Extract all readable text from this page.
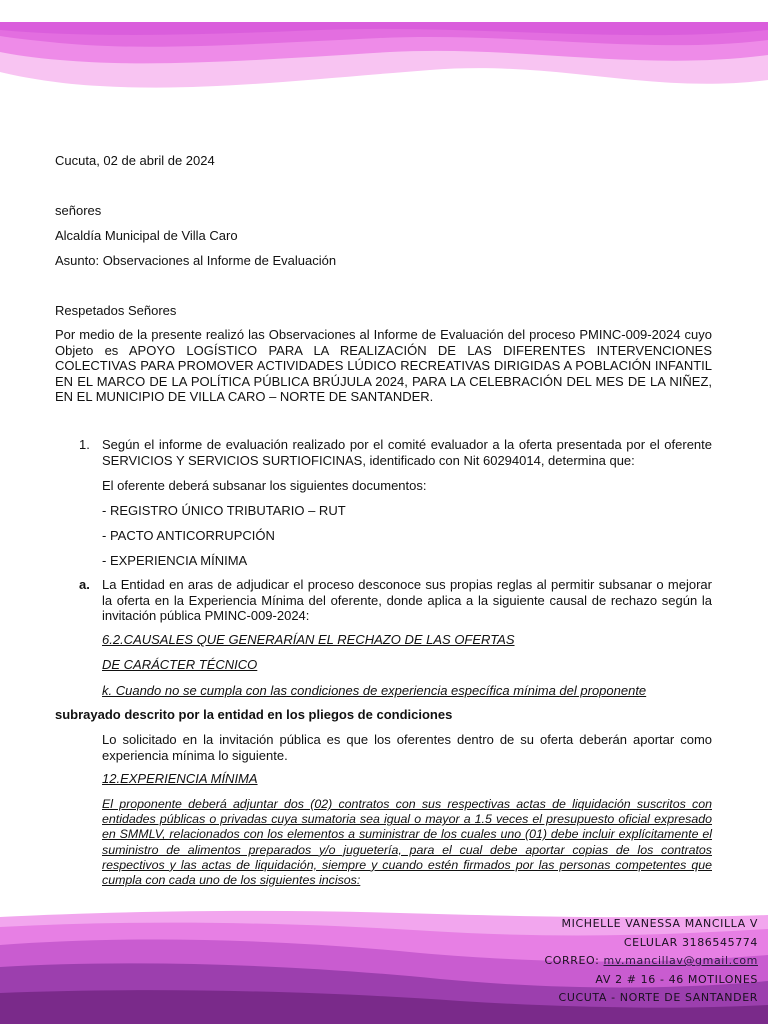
Cucuta, 02 de abril de 2024

señores

Alcaldía Municipal de Villa Caro

Asunto: Observaciones al Informe de Evaluación

Respetados Señores

Por medio de la presente realizó las Observaciones al Informe de Evaluación del proceso PMINC-009-2024 cuyo Objeto es APOYO LOGÍSTICO PARA LA REALIZACIÓN DE LAS DIFERENTES INTERVENCIONES COLECTIVAS PARA PROMOVER ACTIVIDADES LÚDICO RECREATIVAS DIRIGIDAS A POBLACIÓN INFANTIL EN EL MARCO DE LA POLÍTICA PÚBLICA BRÚJULA 2024, PARA LA CELEBRACIÓN DEL MES DE LA NIÑEZ, EN EL MUNICIPIO DE VILLA CARO – NORTE DE SANTANDER.

1. Según el informe de evaluación realizado por el comité evaluador a la oferta presentada por el oferente SERVICIOS Y SERVICIOS SURTIOFICINAS, identificado con Nit 60294014, determina que:

El oferente deberá subsanar los siguientes documentos:

- REGISTRO ÚNICO TRIBUTARIO – RUT

- PACTO ANTICORRUPCIÓN

- EXPERIENCIA MÍNIMA

a. La Entidad en aras de adjudicar el proceso desconoce sus propias reglas al permitir subsanar o mejorar la oferta en la Experiencia Mínima del oferente, donde aplica a la siguiente causal de rechazo según la invitación pública PMINC-009-2024:

6.2.CAUSALES QUE GENERARÍAN EL RECHAZO DE LAS OFERTAS

DE CARÁCTER TÉCNICO

k. Cuando no se cumpla con las condiciones de experiencia específica mínima del proponente

subrayado descrito por la entidad en los pliegos de condiciones

Lo solicitado en la invitación pública es que los oferentes dentro de su oferta deberán aportar como experiencia mínima lo siguiente.

12.EXPERIENCIA MÍNIMA

El proponente deberá adjuntar dos (02) contratos con sus respectivas actas de liquidación suscritos con entidades públicas o privadas cuya sumatoria sea igual o mayor a 1.5 veces el presupuesto oficial expresado en SMMLV, relacionados con los elementos a suministrar de los cuales uno (01) debe incluir explícitamente el suministro de alimentos preparados y/o juguetería, para el cual debe aportar copias de los contratos respectivos y las actas de liquidación, siempre y cuando estén firmados por las personas competentes que cumpla con cada uno de los siguientes incisos:

MICHELLE VANESSA MANCILLA V
CELULAR 3186545774
CORREO: mv.mancillav@gmail.com
AV 2 # 16 - 46 MOTILONES
CUCUTA - NORTE DE SANTANDER
